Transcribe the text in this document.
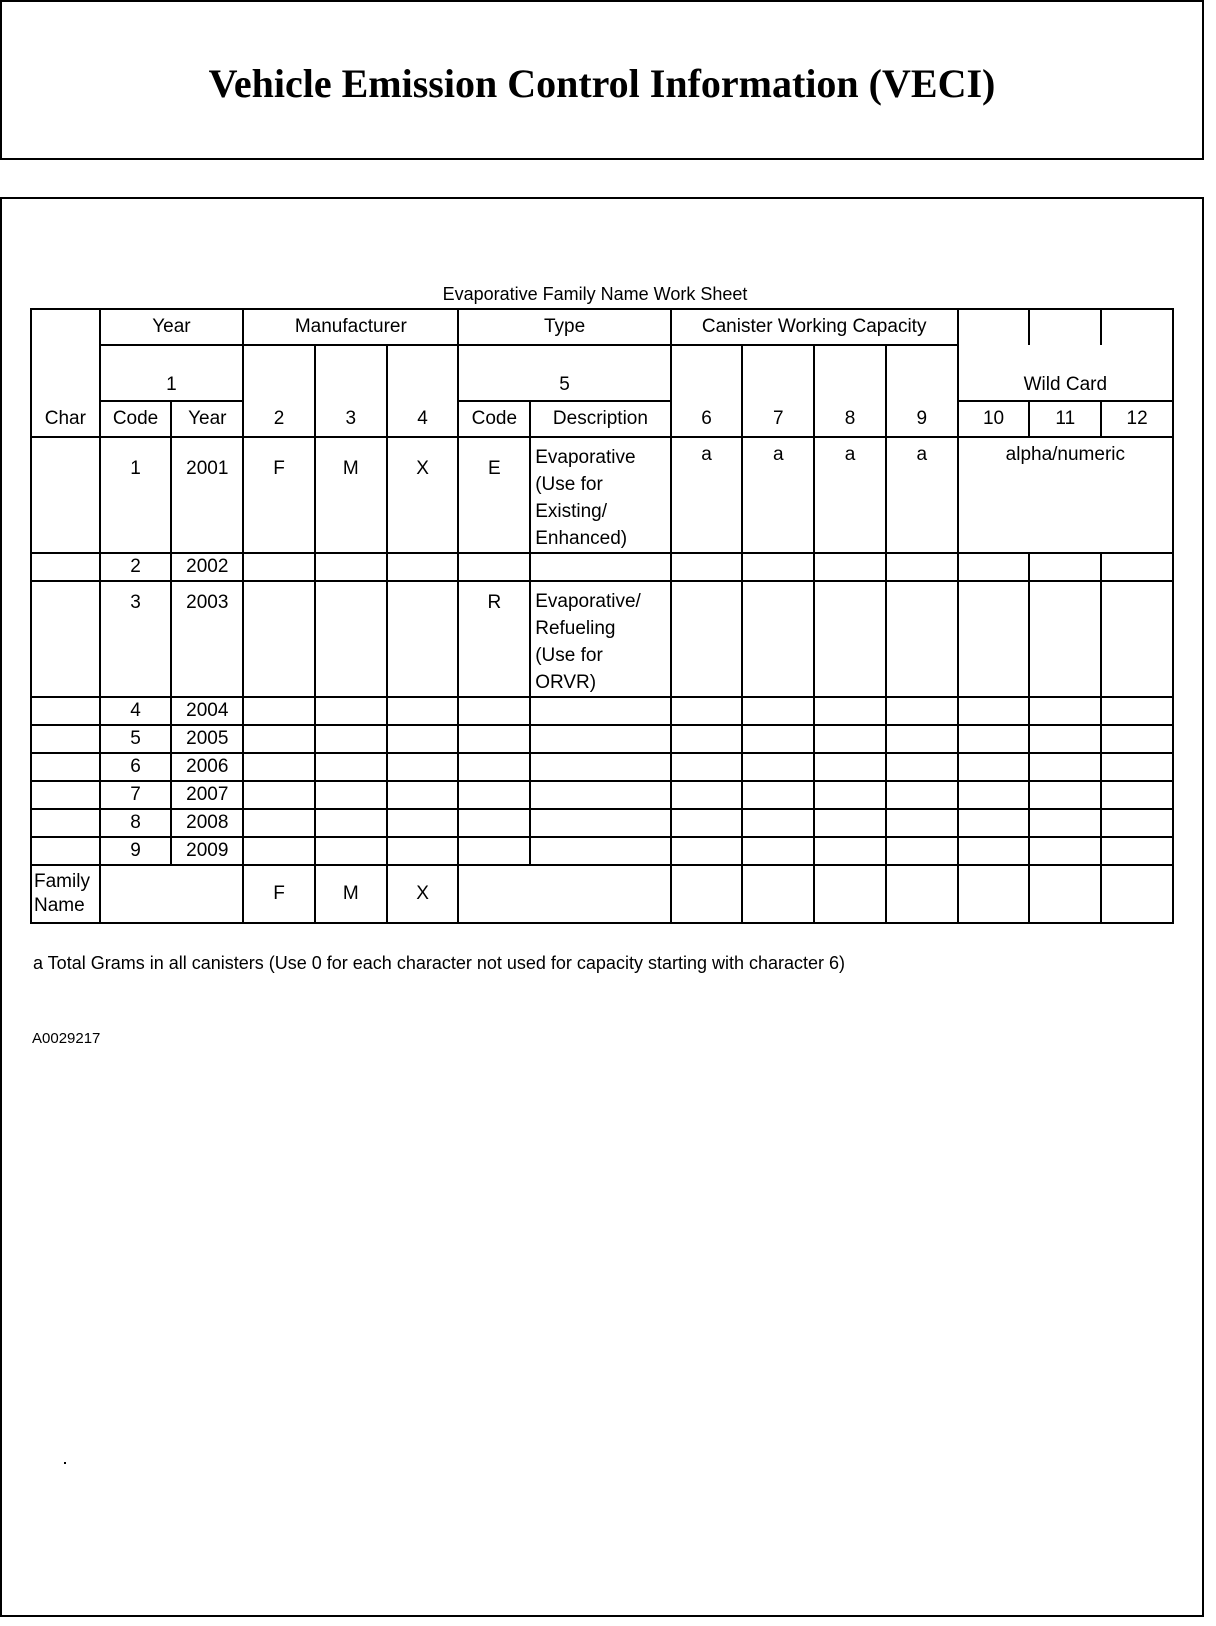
Vehicle Emission Control Information (VECI)
Evaporative Family Name Work Sheet
Char	Year		Manufacturer			Type		Canister Working Capacity						
	1		2	3	4	5		6	7	8	9	Wild Card		
	Code	Year				Code	Description					10	11	12
	1	2001	F	M	X	E	Evaporative
(Use for
Existing/
Enhanced)	a	a	a	a	alpha/numeric		
	2	2002												
	3	2003				R	Evaporative/
Refueling
(Use for
ORVR)							

	4	2004												
	5	2005												
	6	2006												
	7	2007												
	8	2008												
	9	2009												

Family
Name			F	M	X									
a Total Grams in all canisters (Use 0 for each character not used for capacity starting with character 6)
A0029217
